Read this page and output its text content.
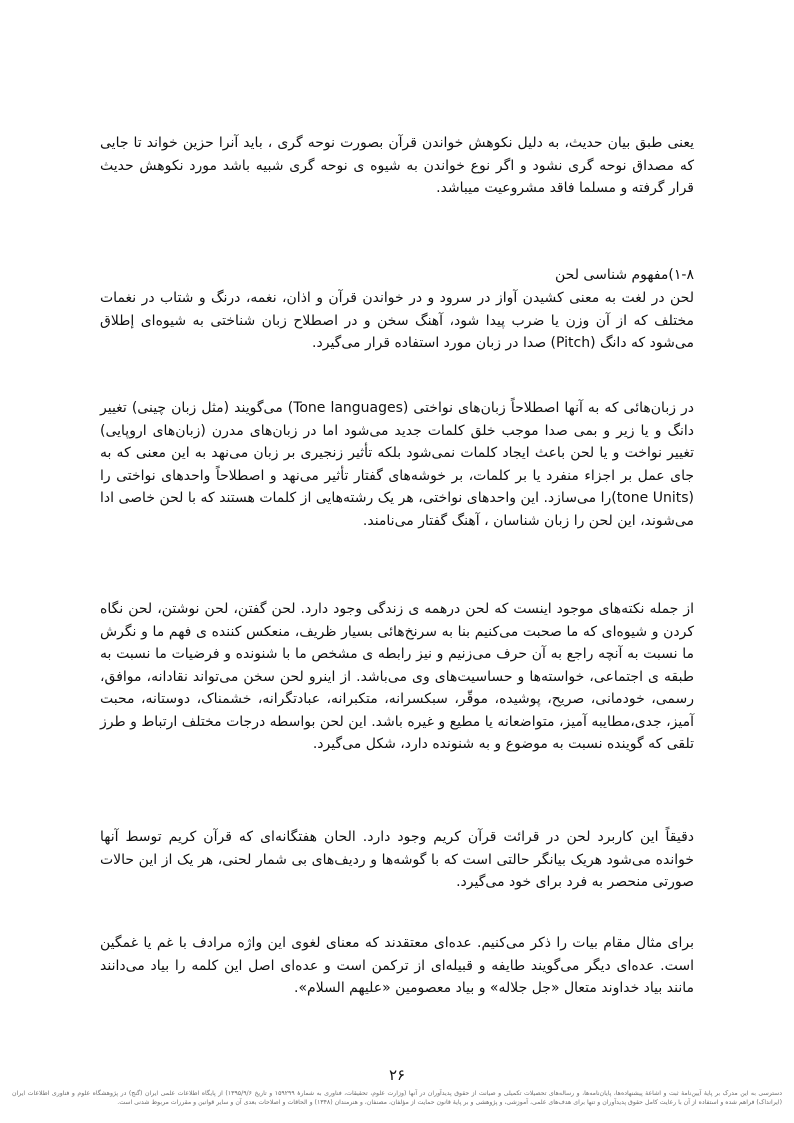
یعنی طبق بیان حدیث، به دلیل نکوهش خواندن قرآن بصورت نوحه گری ، باید آنرا حزین خواند تا جایی که مصداق نوحه گری نشود و اگر نوع خواندن به شیوه ی نوحه گری شبیه باشد مورد نکوهش حدیث قرار گرفته و مسلما فاقد مشروعیت میباشد.

۱-۸)مفهوم شناسی لحن

لحن در لغت به معنی کشیدن آواز در سرود و در خواندن قرآن و اذان، نغمه، درنگ و شتاب در نغمات مختلف که از آن وزن یا ضرب پیدا شود، آهنگ سخن و در اصطلاح زبان شناختی به شیوه‌ای إطلاق می‌شود که دانگ (Pitch) صدا در زبان مورد استفاده قرار می‌گیرد.

در زبان‌هائی که به آنها اصطلاحاً زبان‌های نواختی (Tone languages) می‌گویند (مثل زبان چینی) تغییر دانگ و یا زیر و بمی صدا موجب خلق کلمات جدید می‌شود اما در زبان‌های مدرن (زبان‌های اروپایی) تغییر نواخت و یا لحن باعث ایجاد کلمات نمی‌شود بلکه تأثیر زنجیری بر زبان می‌نهد به این معنی که به جای عمل بر اجزاء منفرد یا بر کلمات، بر خوشه‌های گفتار تأثیر می‌نهد و اصطلاحاً واحدهای نواختی را (tone Units)را می‌سازد. این واحدهای نواختی، هر یک رشته‌هایی از کلمات هستند که با لحن خاصی ادا می‌شوند، این لحن را زبان شناسان ، آهنگ گفتار می‌نامند.

از جمله نکته‌های موجود اینست که لحن درهمه ی زندگی وجود دارد. لحن گفتن، لحن نوشتن، لحن نگاه کردن و شیوه‌ای که ما صحبت می‌کنیم بنا به سرنخ‌هائی بسیار ظریف، منعکس کننده ی فهم ما و نگرش ما نسبت به آنچه راجع به آن حرف می‌زنیم و نیز رابطه ی مشخص ما با شنونده و فرضیات ما نسبت به طبقه ی اجتماعی، خواسته‌ها و حساسیت‌های وی می‌باشد. از اینرو لحن سخن می‌تواند نقادانه، موافق، رسمی، خودمانی، صریح، پوشیده، موقّر، سبکسرانه، متکبرانه، عبادتگرانه، خشمناک، دوستانه، محبت آمیز، جدی،مطایبه آمیز، متواضعانه یا مطیع و غیره باشد. این لحن بواسطه درجات مختلف ارتباط و طرز تلقی که گوینده نسبت به موضوع و به شنونده دارد، شکل می‌گیرد.

دقیقاً این کاربرد لحن در قرائت قرآن کریم وجود دارد. الحان هفتگانه‌ای که قرآن کریم توسط آنها خوانده می‌شود هریک بیانگر حالتی است که با گوشه‌ها و ردیف‌های بی شمار لحنی، هر یک از این حالات صورتی منحصر به فرد برای خود می‌گیرد.

برای مثال مقام بیات را ذکر می‌کنیم. عده‌ای معتقدند که معنای لغوی این واژه مرادف با غم یا غمگین است. عده‌ای دیگر می‌گویند طایفه و قبیله‌ای از ترکمن است و عده‌ای اصل این کلمه را بیاد می‌دانند مانند بیاد خداوند متعال «جل جلاله» و بیاد معصومین «علیهم السلام».

۲۶
دسترسی به این مدرک بر پایهٔ آیین‌نامهٔ ثبت و اشاعهٔ پیشنهاده‌ها، پایان‌نامه‌ها، و رساله‌های تحصیلات تکمیلی و صیانت از حقوق پدیدآوران در آنها (وزارت علوم، تحقیقات، فناوری به شمارهٔ ۱۵۹۲۹۹ و تاریخ ۱۳۹۵/۹/۶) از پایگاه اطلاعات علمی ایران (گنج) در پژوهشگاه علوم و فناوری اطلاعات ایران (ایرانداک) فراهم شده و استفاده از آن با رعایت کامل حقوق پدیدآوران و تنها برای هدف‌های علمی، آموزشی، و پژوهشی و بر پایهٔ قانون حمایت از مؤلفان، مصنفان، و هنرمندان (۱۳۴۸) و الحاقات و اصلاحات بعدی آن و سایر قوانین و مقررات مربوط شدنی است.
